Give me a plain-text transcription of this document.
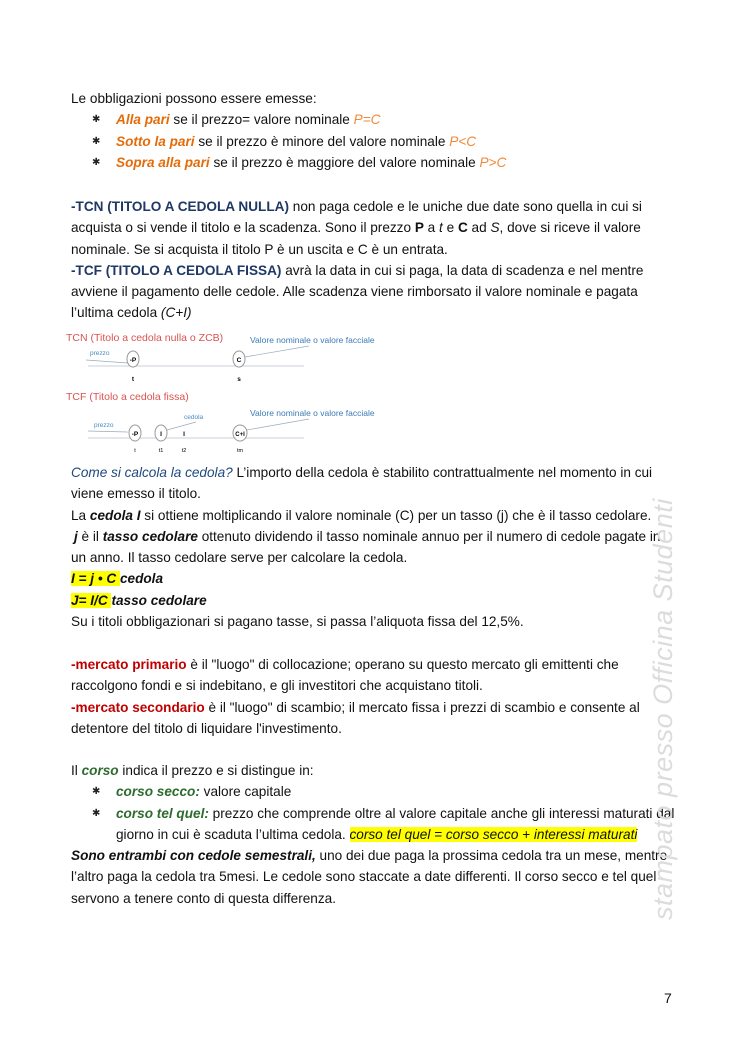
Le obbligazioni possono essere emesse:
✱ Alla pari se il prezzo= valore nominale P=C
✱ Sotto la pari se il prezzo è minore del valore nominale P<C
✱ Sopra alla pari se il prezzo è maggiore del valore nominale P>C
-TCN (TITOLO A CEDOLA NULLA) non paga cedole e le uniche due date sono quella in cui si acquista o si vende il titolo e la scadenza. Sono il prezzo P a t e C ad S, dove si riceve il valore nominale. Se si acquista il titolo P è un uscita e C è un entrata.
-TCF (TITOLO A CEDOLA FISSA) avrà la data in cui si paga, la data di scadenza e nel mentre avviene il pagamento delle cedole. Alle scadenza viene rimborsato il valore nominale e pagata l’ultima cedola (C+I)
TCN (Titolo a cedola nulla o ZCB)	Valore nominale o valore facciale
prezzo
-P	C
t	s
TCF (Titolo a cedola fissa)
Valore nominale o valore facciale
cedola
prezzo
-P	I	I	C+I
t	t1	t2	tm
Come si calcola la cedola? L’importo della cedola è stabilito contrattualmente nel momento in cui viene emesso il titolo.
La cedola I si ottiene moltiplicando il valore nominale (C) per un tasso (j) che è il tasso cedolare.
j è il tasso cedolare ottenuto dividendo il tasso nominale annuo per il numero di cedole pagate in un anno. Il tasso cedolare serve per calcolare la cedola.
I = j • C cedola
J= I/C tasso cedolare
Su i titoli obbligazionari si pagano tasse, si passa l’aliquota fissa del 12,5%.
-mercato primario è il "luogo" di collocazione; operano su questo mercato gli emittenti che raccolgono fondi e si indebitano, e gli investitori che acquistano titoli.
-mercato secondario è il "luogo" di scambio; il mercato fissa i prezzi di scambio e consente al detentore del titolo di liquidare l'investimento.
Il corso indica il prezzo e si distingue in:
✱ corso secco: valore capitale
✱ corso tel quel: prezzo che comprende oltre al valore capitale anche gli interessi maturati dal giorno in cui è scaduta l’ultima cedola. corso tel quel = corso secco + interessi maturati
Sono entrambi con cedole semestrali, uno dei due paga la prossima cedola tra un mese, mentre l’altro paga la cedola tra 5mesi. Le cedole sono staccate a date differenti. Il corso secco e tel quel servono a tenere conto di questa differenza.	stampato presso Officina Studenti
7
